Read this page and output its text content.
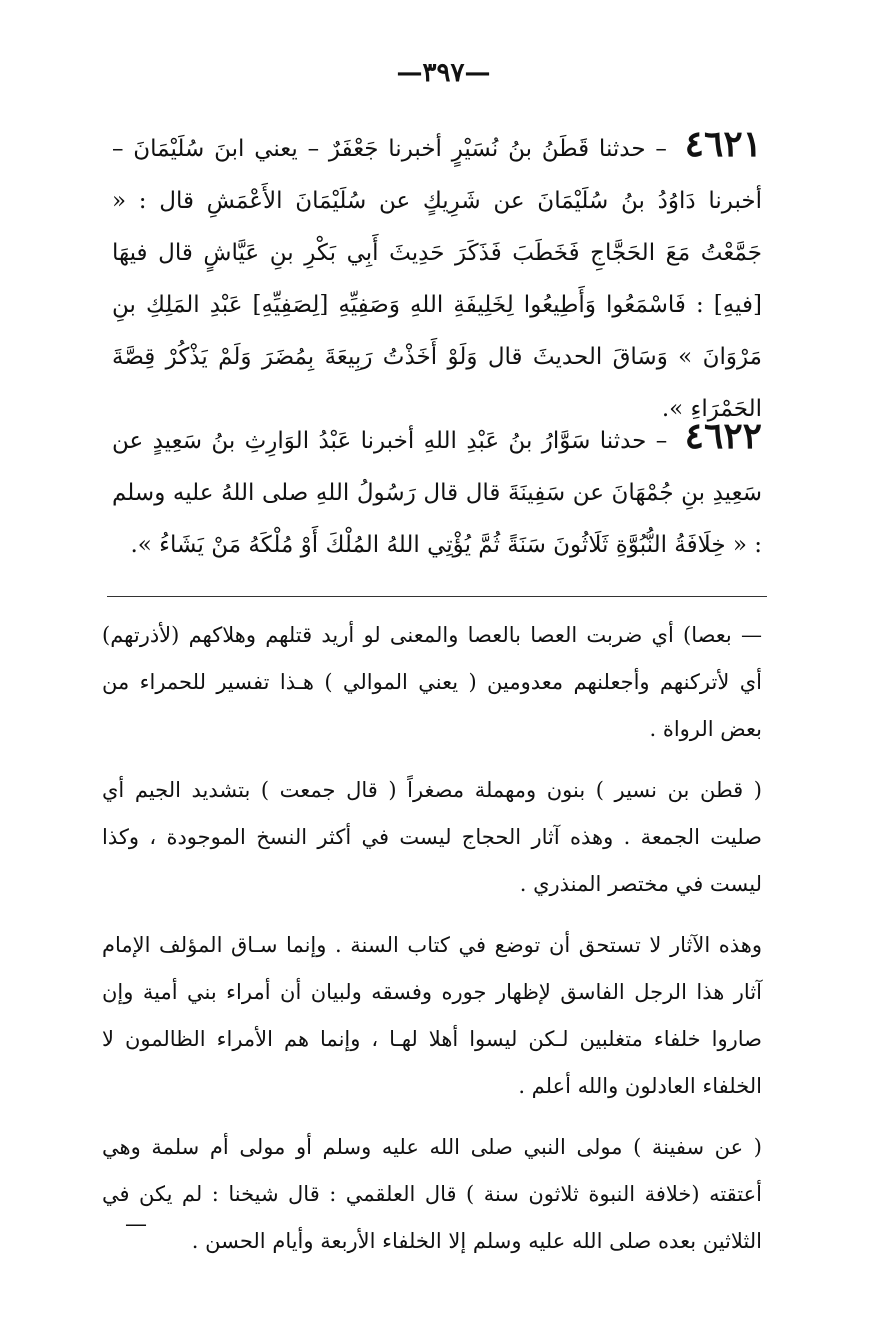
—٣٩٧—
٤٦٢١ – حدثنا قَطَنُ بنُ نُسَيْرٍ أخبرنا جَعْفَرٌ – يعني ابنَ سُلَيْمَانَ – أخبرنا دَاوُدُ بنُ سُلَيْمَانَ عن شَرِيكٍ عن سُلَيْمَانَ الأَعْمَشِ قال : « جَمَّعْتُ مَعَ الحَجَّاجِ فَخَطَبَ فَذَكَرَ حَدِيثَ أَبِي بَكْرِ بنِ عَيَّاشٍ قال فيهَا [فيهِ] : فَاسْمَعُوا وَأَطِيعُوا لِخَلِيفَةِ اللهِ وَصَفِيِّهِ [لِصَفِيِّهِ] عَبْدِ المَلِكِ بنِ مَرْوَانَ » وَسَاقَ الحديثَ قال وَلَوْ أَخَذْتُ رَبِيعَةَ بِمُضَرَ وَلَمْ يَذْكُرْ قِصَّةَ الحَمْرَاءِ ».
٤٦٢٢ – حدثنا سَوَّارُ بنُ عَبْدِ اللهِ أخبرنا عَبْدُ الوَارِثِ بنُ سَعِيدٍ عن سَعِيدِ بنِ جُمْهَانَ عن سَفِينَةَ قال قال رَسُولُ اللهِ صلى اللهُ عليه وسلم : « خِلَافَةُ النُّبُوَّةِ ثَلَاثُونَ سَنَةً ثُمَّ يُؤْتِي اللهُ المُلْكَ أَوْ مُلْكَهُ مَنْ يَشَاءُ ».

— بعصا) أي ضربت العصا بالعصا والمعنى لو أريد قتلهم وهلاكهم (لأذرتهم) أي لأتركنهم وأجعلنهم معدومين ( يعني الموالي ) هـذا تفسير للحمراء من بعض الرواة .

( قطن بن نسير ) بنون ومهملة مصغراً ( قال جمعت ) بتشديد الجيم أي صليت الجمعة . وهذه آثار الحجاج ليست في أكثر النسخ الموجودة ، وكذا ليست في مختصر المنذري .

وهذه الآثار لا تستحق أن توضع في كتاب السنة . وإنما سـاق المؤلف الإمام آثار هذا الرجل الفاسق لإظهار جوره وفسقه ولبيان أن أمراء بني أمية وإن صاروا خلفاء متغلبين لـكن ليسوا أهلا لهـا ، وإنما هم الأمراء الظالمون لا الخلفاء العادلون والله أعلم .

( عن سفينة ) مولى النبي صلى الله عليه وسلم أو مولى أم سلمة وهي أعتقته (خلافة النبوة ثلاثون سنة ) قال العلقمي : قال شيخنا : لم يكن في الثلاثين بعده صلى الله عليه وسلم إلا الخلفاء الأربعة وأيام الحسن .

—
